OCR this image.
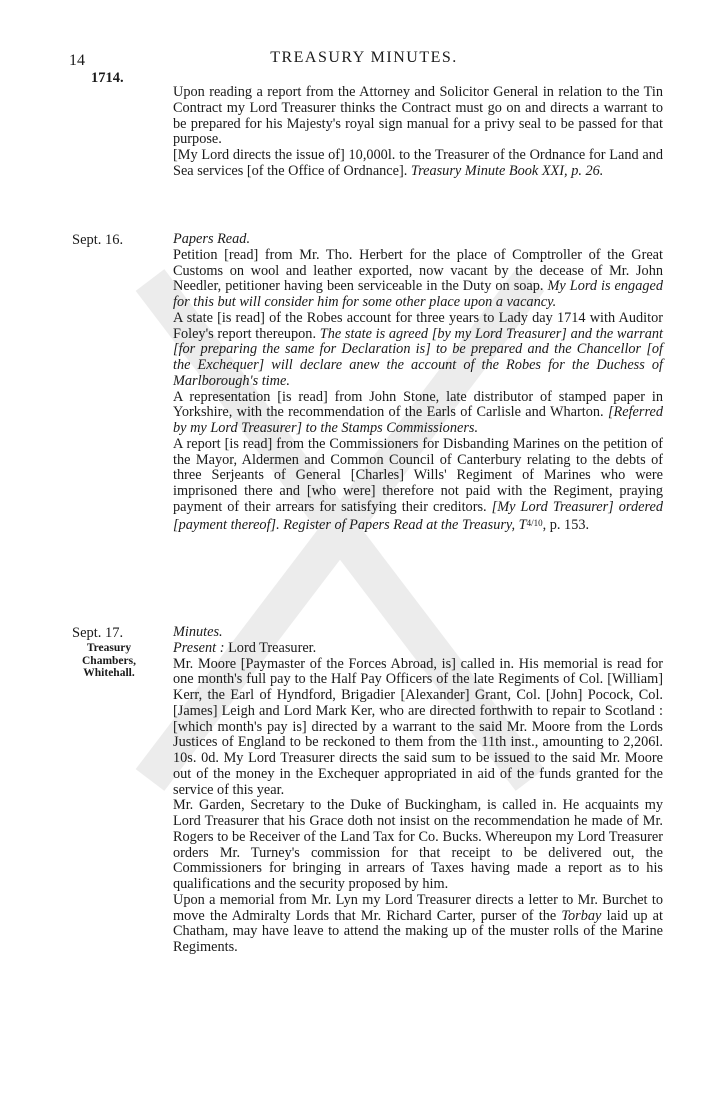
14	TREASURY MINUTES.
1714.
Sept. 16.
Sept. 17.
Treasury Chambers, Whitehall.

Upon reading a report from the Attorney and Solicitor General in relation to the Tin Contract my Lord Treasurer thinks the Contract must go on and directs a warrant to be prepared for his Majesty's royal sign manual for a privy seal to be passed for that purpose.

[My Lord directs the issue of] 10,000l. to the Treasurer of the Ordnance for Land and Sea services [of the Office of Ordnance]. Treasury Minute Book XXI, p. 26.

Papers Read.

Petition [read] from Mr. Tho. Herbert for the place of Comptroller of the Great Customs on wool and leather exported, now vacant by the decease of Mr. John Needler, petitioner having been serviceable in the Duty on soap. My Lord is engaged for this but will consider him for some other place upon a vacancy.

A state [is read] of the Robes account for three years to Lady day 1714 with Auditor Foley's report thereupon. The state is agreed [by my Lord Treasurer] and the warrant [for preparing the same for Declaration is] to be prepared and the Chancellor [of the Exchequer] will declare anew the account of the Robes for the Duchess of Marlborough's time.

A representation [is read] from John Stone, late distributor of stamped paper in Yorkshire, with the recommendation of the Earls of Carlisle and Wharton. [Referred by my Lord Treasurer] to the Stamps Commissioners.

A report [is read] from the Commissioners for Disbanding Marines on the petition of the Mayor, Aldermen and Common Council of Canterbury relating to the debts of three Serjeants of General [Charles] Wills' Regiment of Marines who were imprisoned there and [who were] therefore not paid with the Regiment, praying payment of their arrears for satisfying their creditors. [My Lord Treasurer] ordered [payment thereof]. Register of Papers Read at the Treasury, $T^{4/10}$, p. 153.

Minutes.

Present : Lord Treasurer.

Mr. Moore [Paymaster of the Forces Abroad, is] called in. His memorial is read for one month's full pay to the Half Pay Officers of the late Regiments of Col. [William] Kerr, the Earl of Hyndford, Brigadier [Alexander] Grant, Col. [John] Pocock, Col. [James] Leigh and Lord Mark Ker, who are directed forthwith to repair to Scotland : [which month's pay is] directed by a warrant to the said Mr. Moore from the Lords Justices of England to be reckoned to them from the 11th inst., amounting to 2,206l. 10s. 0d. My Lord Treasurer directs the said sum to be issued to the said Mr. Moore out of the money in the Exchequer appropriated in aid of the funds granted for the service of this year.

Mr. Garden, Secretary to the Duke of Buckingham, is called in. He acquaints my Lord Treasurer that his Grace doth not insist on the recommendation he made of Mr. Rogers to be Receiver of the Land Tax for Co. Bucks. Whereupon my Lord Treasurer orders Mr. Turney's commission for that receipt to be delivered out, the Commissioners for bringing in arrears of Taxes having made a report as to his qualifications and the security proposed by him.

Upon a memorial from Mr. Lyn my Lord Treasurer directs a letter to Mr. Burchet to move the Admiralty Lords that Mr. Richard Carter, purser of the Torbay laid up at Chatham, may have leave to attend the making up of the muster rolls of the Marine Regiments.
